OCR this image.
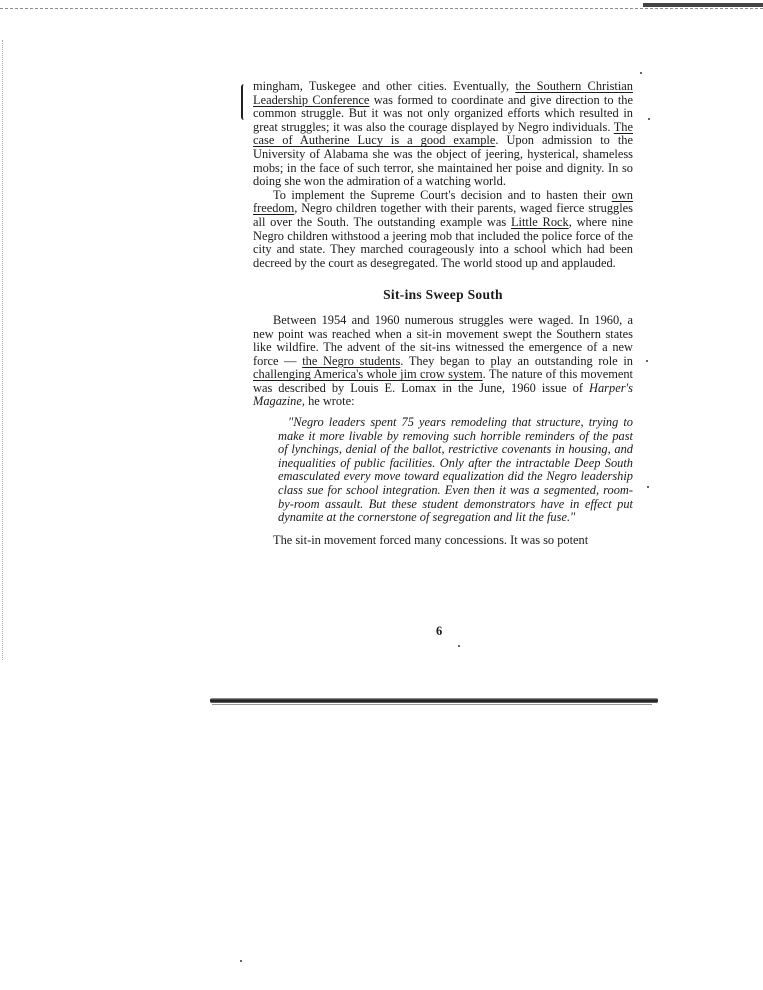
mingham, Tuskegee and other cities. Eventually, the Southern Christian Leadership Conference was formed to coordinate and give direction to the common struggle. But it was not only organized efforts which resulted in great struggles; it was also the courage displayed by Negro individuals. The case of Autherine Lucy is a good example. Upon admission to the University of Alabama she was the object of jeering, hysterical, shameless mobs; in the face of such terror, she maintained her poise and dignity. In so doing she won the admiration of a watching world.

To implement the Supreme Court's decision and to hasten their own freedom, Negro children together with their parents, waged fierce struggles all over the South. The outstanding example was Little Rock, where nine Negro children withstood a jeering mob that included the police force of the city and state. They marched courageously into a school which had been decreed by the court as desegregated. The world stood up and applauded.

Sit-ins Sweep South

Between 1954 and 1960 numerous struggles were waged. In 1960, a new point was reached when a sit-in movement swept the Southern states like wildfire. The advent of the sit-ins witnessed the emergence of a new force — the Negro students. They began to play an outstanding role in challenging America's whole jim crow system. The nature of this movement was described by Louis E. Lomax in the June, 1960 issue of Harper's Magazine, he wrote:

"Negro leaders spent 75 years remodeling that structure, trying to make it more livable by removing such horrible reminders of the past of lynchings, denial of the ballot, restrictive covenants in housing, and inequalities of public facilities. Only after the intractable Deep South emasculated every move toward equalization did the Negro leadership class sue for school integration. Even then it was a segmented, room-by-room assault. But these student demonstrators have in effect put dynamite at the cornerstone of segregation and lit the fuse."

The sit-in movement forced many concessions. It was so potent

6
